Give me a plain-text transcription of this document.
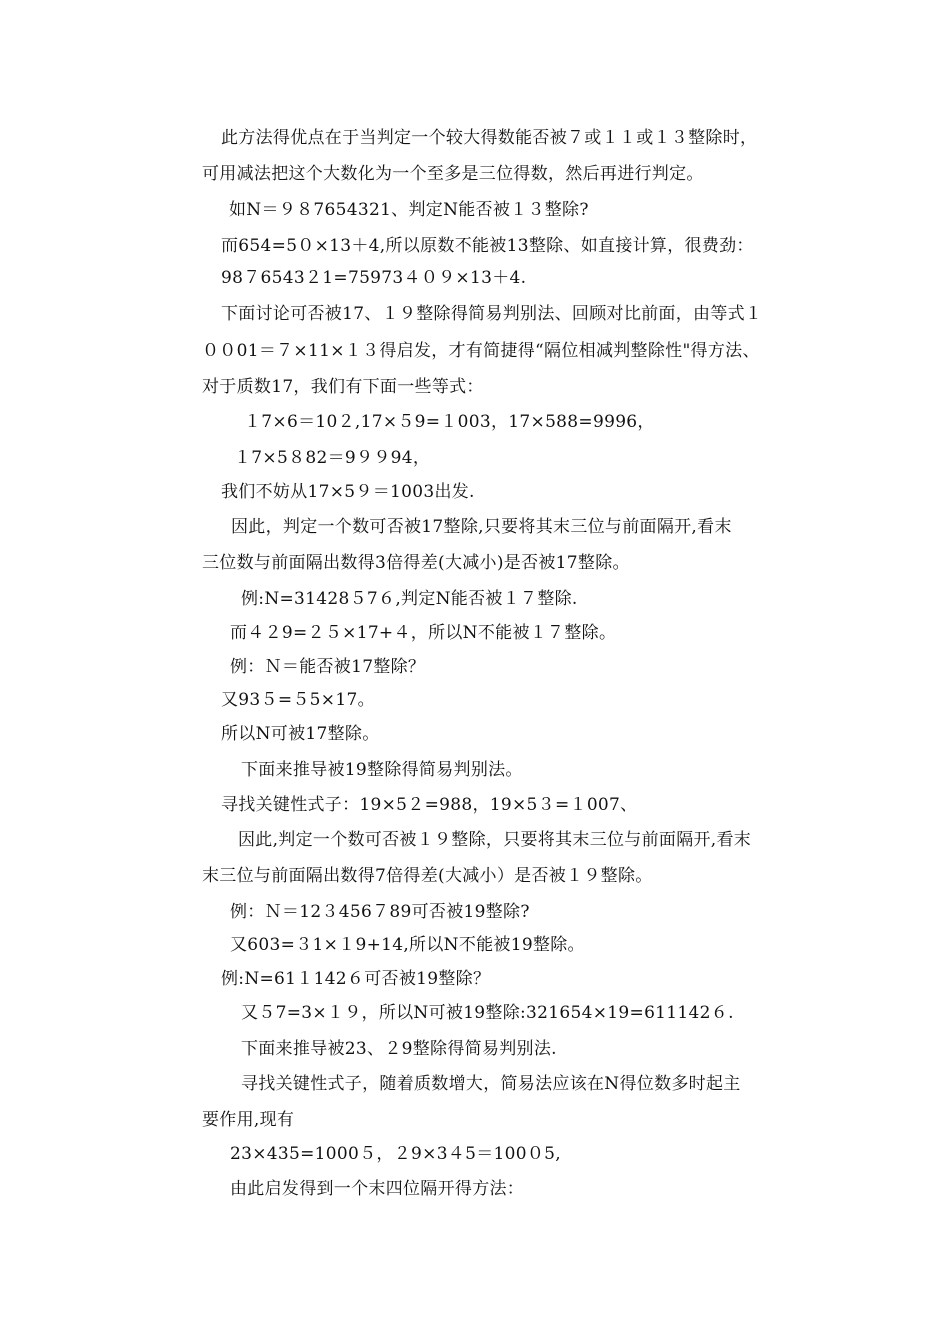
此方法得优点在于当判定一个较大得数能否被７或１１或１３整除时，
可用减法把这个大数化为一个至多是三位得数，然后再进行判定。
如N＝９８7654321、判定N能否被１３整除?
而654=5０×13＋4,所以原数不能被13整除、如直接计算，很费劲：
98７6543２1=75973４０９×13＋4.
下面讨论可否被17、１９整除得简易判别法、回顾对比前面，由等式１
００01＝７×11×１３得启发，才有简捷得“隔位相减判整除性"得方法、
对于质数17，我们有下面一些等式：
１7×6＝10２,17×５9=１003，17×588=9996，
１7×5８82＝9９９94，
我们不妨从17×5９＝1003出发.
因此，判定一个数可否被17整除,只要将其末三位与前面隔开,看末
三位数与前面隔出数得3倍得差(大减小)是否被17整除。
例:N=31428５7６,判定N能否被１７整除.
而４２9=２５×17+４，所以N不能被１７整除。
例：Ｎ＝能否被17整除？
又93５=５5×17。
所以N可被17整除。
下面来推导被19整除得简易判别法。
寻找关键性式子：19×5２=988，19×5３=１007、
因此,判定一个数可否被１９整除，只要将其末三位与前面隔开,看末
末三位与前面隔出数得7倍得差(大减小）是否被１９整除。
例：Ｎ＝12３456７89可否被19整除?
又603=３1×１9+14,所以N不能被19整除。
例:N=61１142６可否被19整除？
又５7=3×１９，所以N可被19整除:321654×19=611142６.
下面来推导被23、２9整除得简易判别法.
寻找关键性式子，随着质数增大，简易法应该在N得位数多时起主
要作用,现有
23×435=1000５，２9×3４5＝100０5,
由此启发得到一个末四位隔开得方法：
